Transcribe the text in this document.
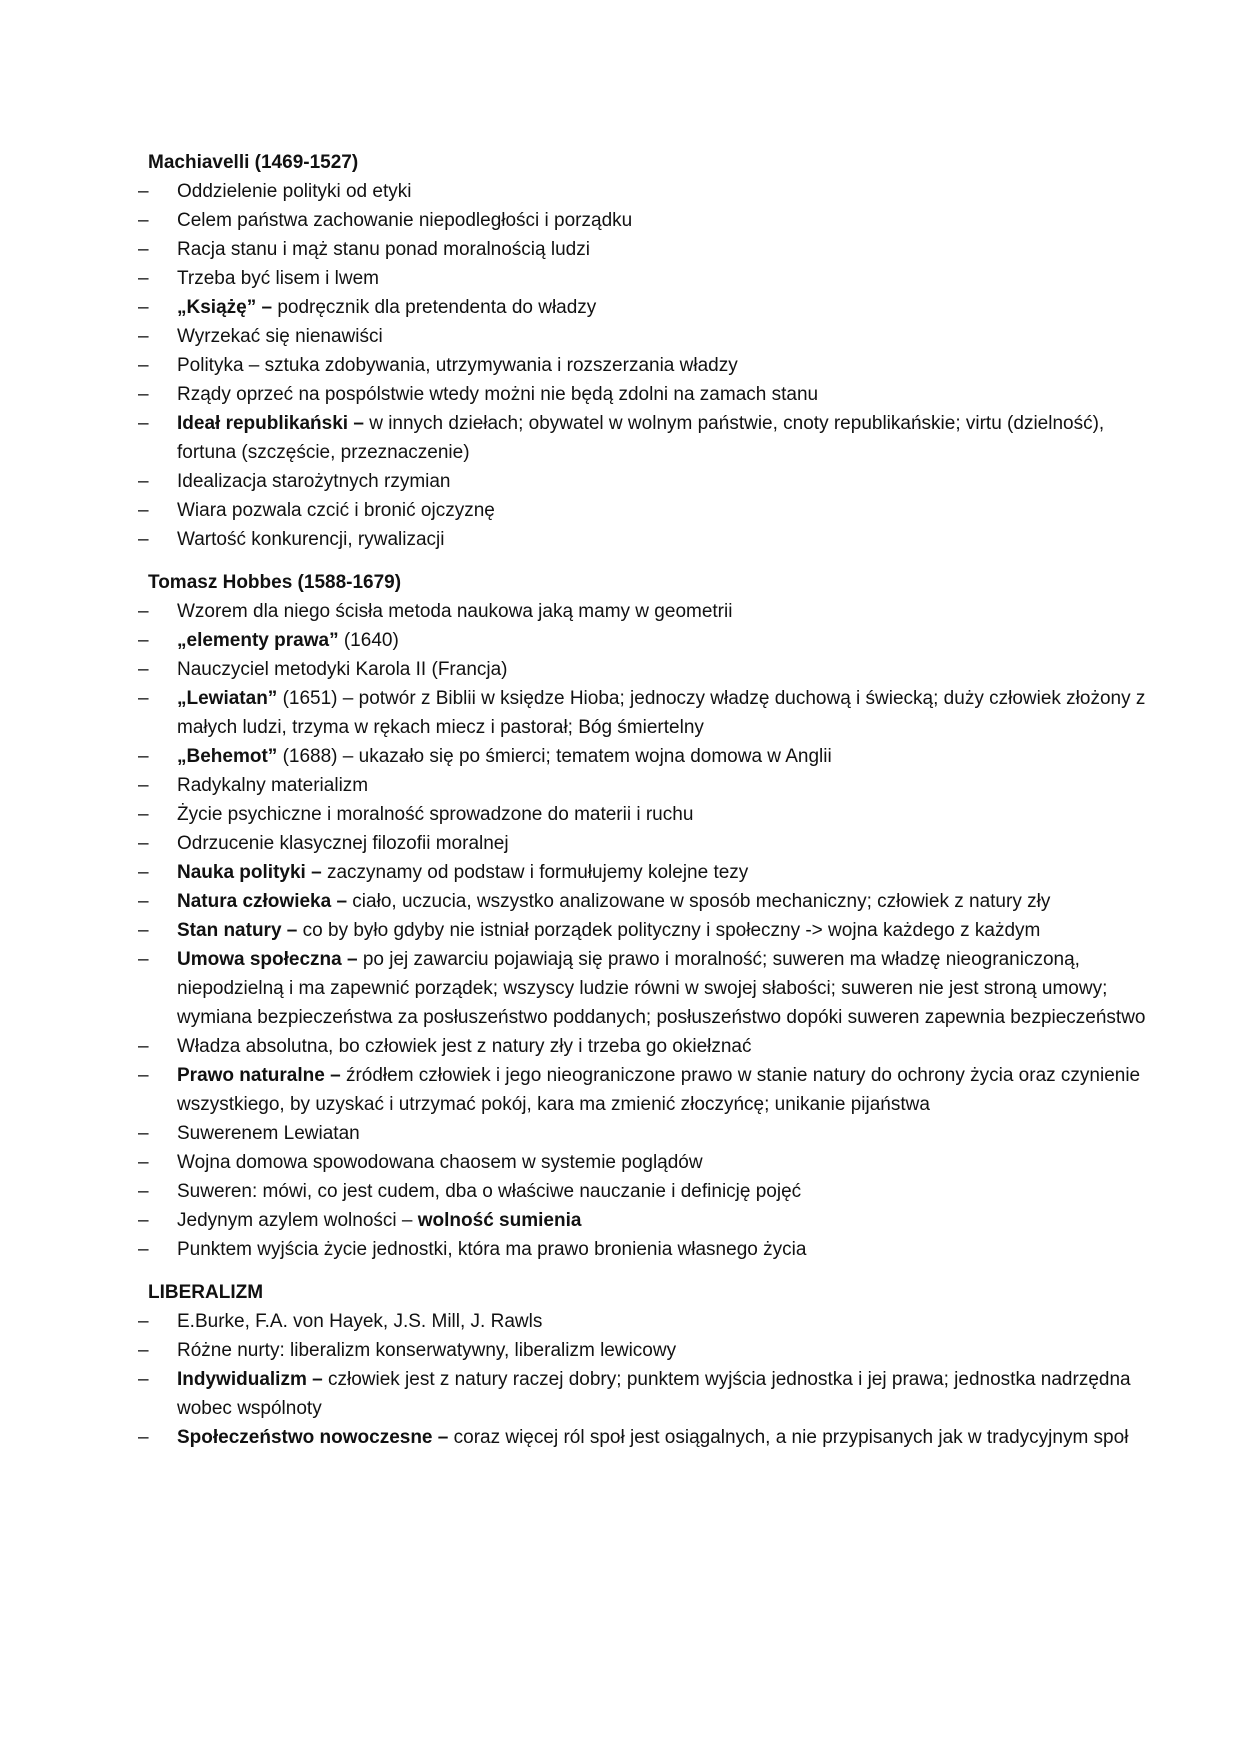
Machiavelli (1469-1527)
– Oddzielenie polityki od etyki
– Celem państwa zachowanie niepodległości i porządku
– Racja stanu i mąż stanu ponad moralnością ludzi
– Trzeba być lisem i lwem
– „Książę” – podręcznik dla pretendenta do władzy
– Wyrzekać się nienawiści
– Polityka – sztuka zdobywania, utrzymywania i rozszerzania władzy
– Rządy oprzeć na pospólstwie wtedy możni nie będą zdolni na zamach stanu
– Ideał republikański – w innych dziełach; obywatel w wolnym państwie, cnoty republikańskie; virtu (dzielność), fortuna (szczęście, przeznaczenie)
– Idealizacja starożytnych rzymian
– Wiara pozwala czcić i bronić ojczyznę
– Wartość konkurencji, rywalizacji
Tomasz Hobbes (1588-1679)
– Wzorem dla niego ścisła metoda naukowa jaką mamy w geometrii
– „elementy prawa” (1640)
– Nauczyciel metodyki Karola II (Francja)
– „Lewiatan” (1651) – potwór z Biblii w księdze Hioba; jednoczy władzę duchową i świecką; duży człowiek złożony z małych ludzi, trzyma w rękach miecz i pastorał; Bóg śmiertelny
– „Behemot” (1688) – ukazało się po śmierci; tematem wojna domowa w Anglii
– Radykalny materializm
– Życie psychiczne i moralność sprowadzone do materii i ruchu
– Odrzucenie klasycznej filozofii moralnej
– Nauka polityki – zaczynamy od podstaw i formułujemy kolejne tezy
– Natura człowieka – ciało, uczucia, wszystko analizowane w sposób mechaniczny; człowiek z natury zły
– Stan natury – co by było gdyby nie istniał porządek polityczny i społeczny -> wojna każdego z każdym
– Umowa społeczna – po jej zawarciu pojawiają się prawo i moralność; suweren ma władzę nieograniczoną, niepodzielną i ma zapewnić porządek; wszyscy ludzie równi w swojej słabości; suweren nie jest stroną umowy; wymiana bezpieczeństwa za posłuszeństwo poddanych; posłuszeństwo dopóki suweren zapewnia bezpieczeństwo
– Władza absolutna, bo człowiek jest z natury zły i trzeba go okiełznać
– Prawo naturalne – źródłem człowiek i jego nieograniczone prawo w stanie natury do ochrony życia oraz czynienie wszystkiego, by uzyskać i utrzymać pokój, kara ma zmienić złoczyńcę; unikanie pijaństwa
– Suwerenem Lewiatan
– Wojna domowa spowodowana chaosem w systemie poglądów
– Suweren: mówi, co jest cudem, dba o właściwe nauczanie i definicję pojęć
– Jedynym azylem wolności – wolność sumienia
– Punktem wyjścia życie jednostki, która ma prawo bronienia własnego życia
LIBERALIZM
– E.Burke, F.A. von Hayek, J.S. Mill, J. Rawls
– Różne nurty: liberalizm konserwatywny, liberalizm lewicowy
– Indywidualizm – człowiek jest z natury raczej dobry; punktem wyjścia jednostka i jej prawa; jednostka nadrzędna wobec wspólnoty
– Społeczeństwo nowoczesne – coraz więcej ról społ jest osiągalnych, a nie przypisanych jak w tradycyjnym społ
